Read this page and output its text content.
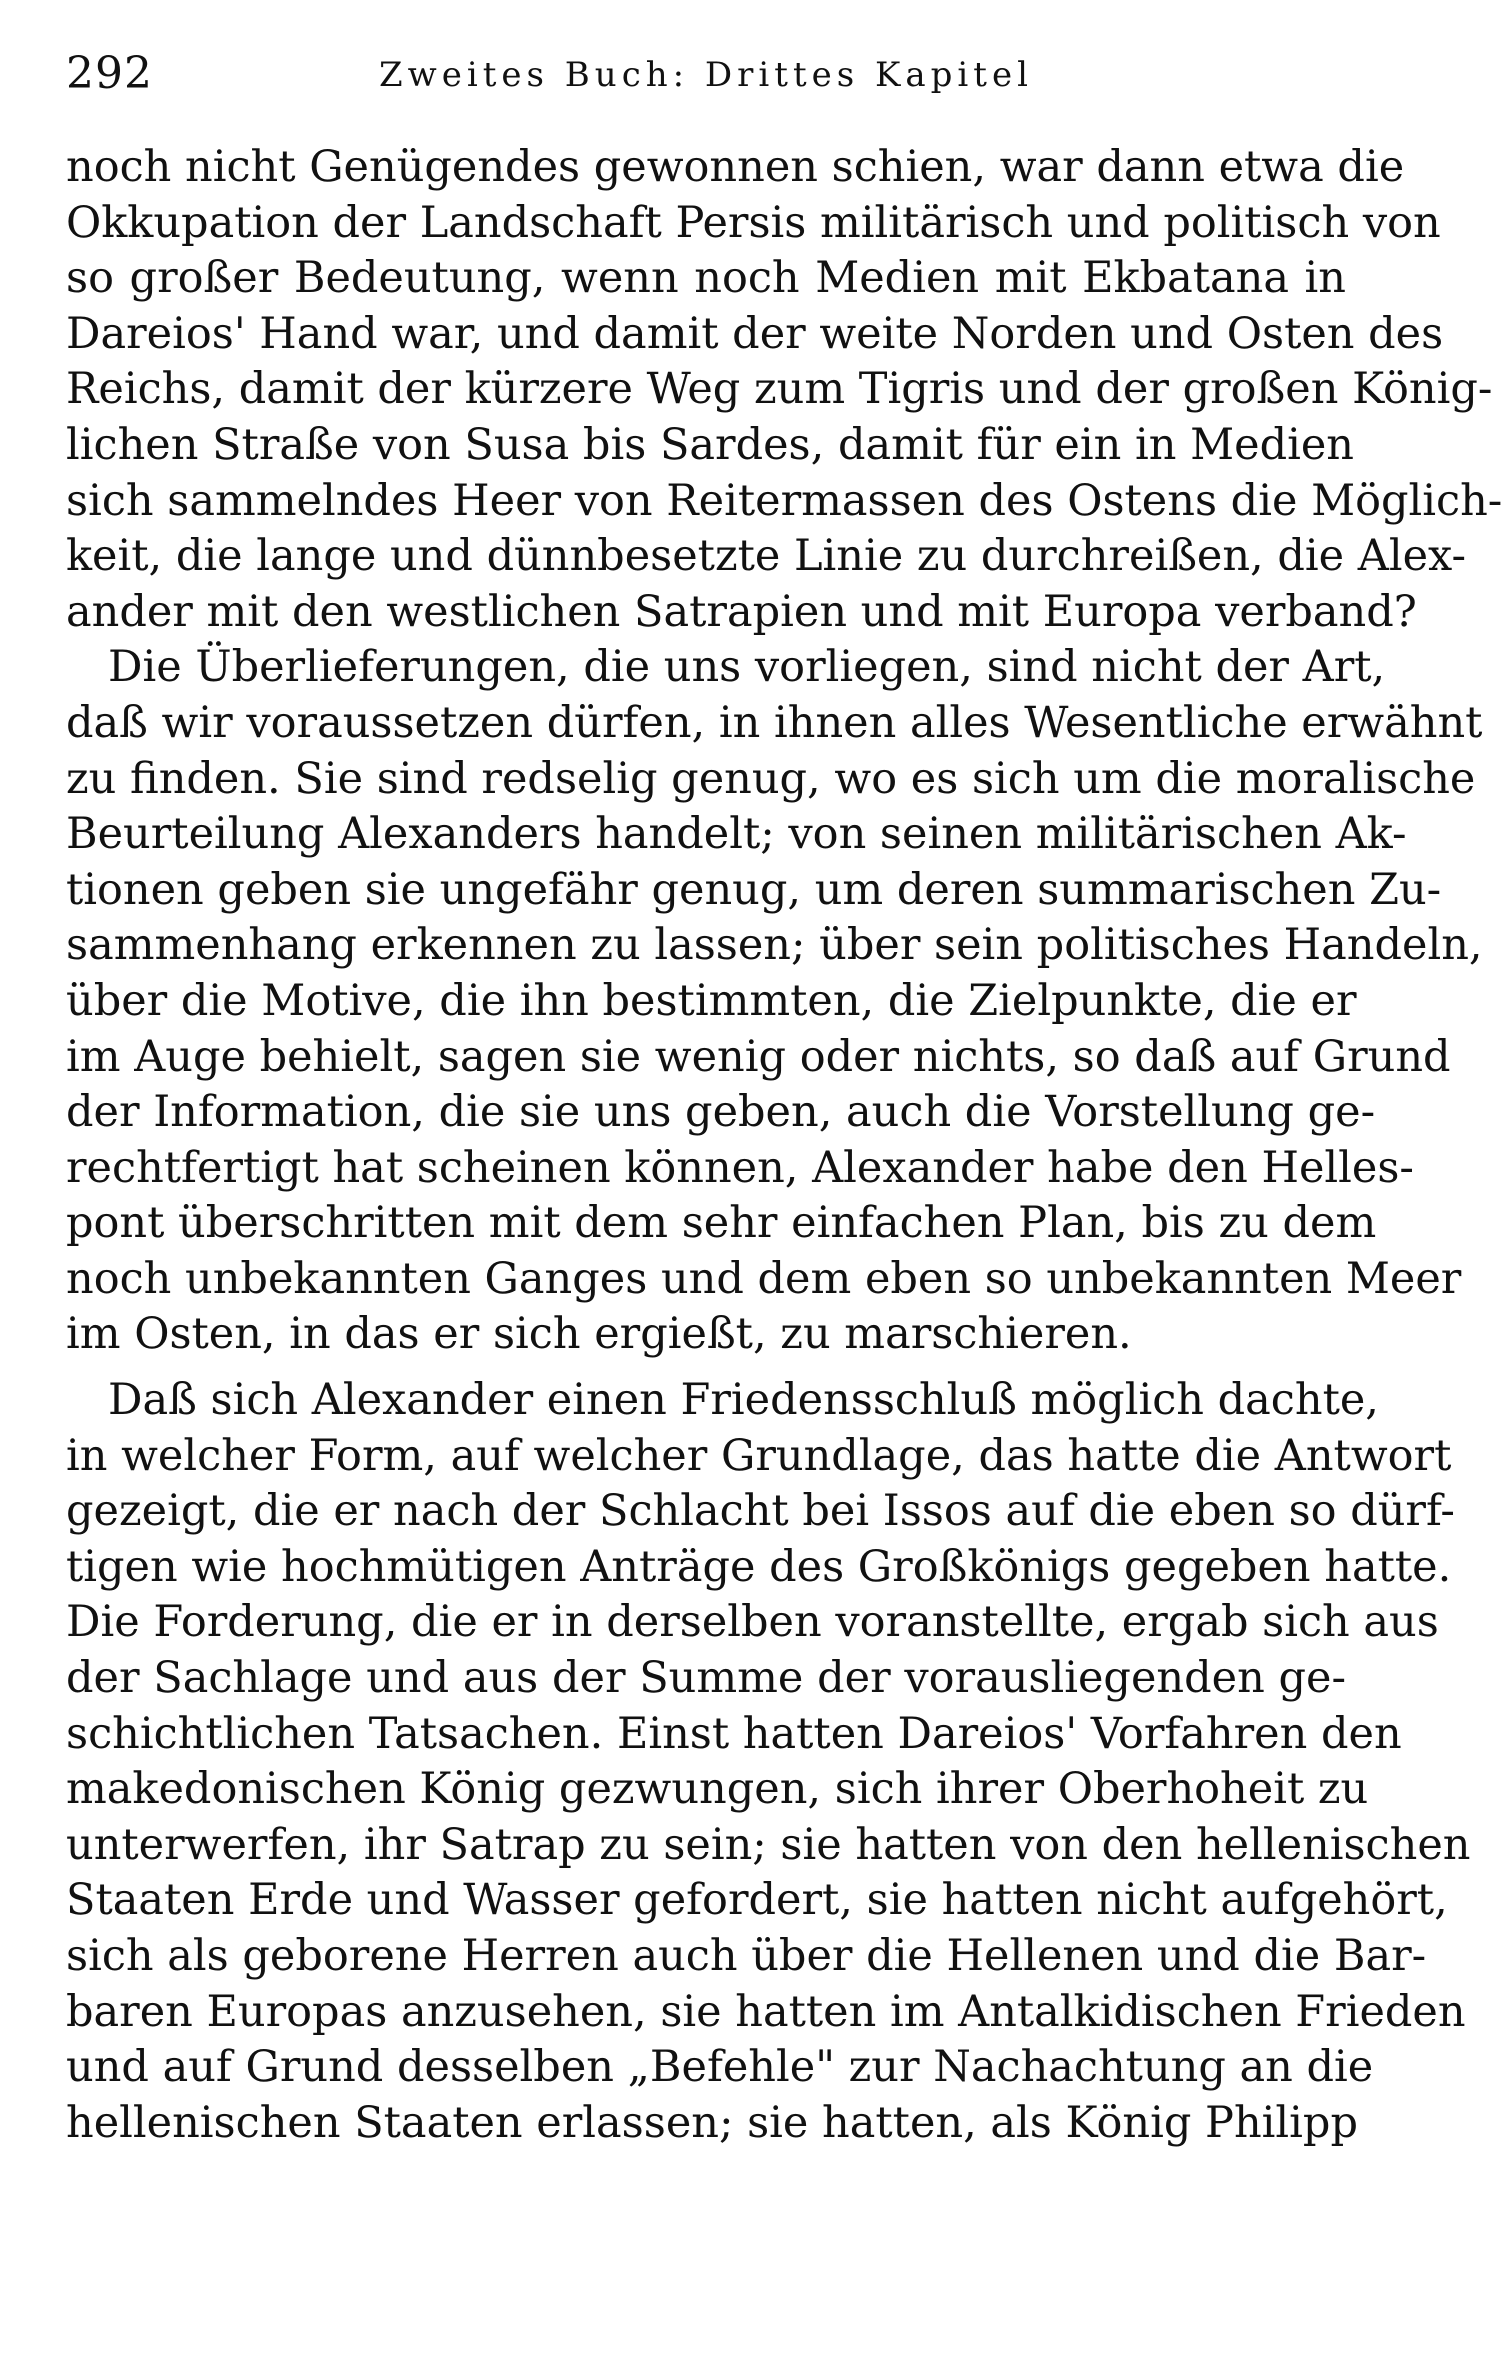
292	Zweites Buch: Drittes Kapitel
noch nicht Genügendes gewonnen schien, war dann etwa die
Okkupation der Landschaft Persis militärisch und politisch von
so großer Bedeutung, wenn noch Medien mit Ekbatana in
Dareios' Hand war, und damit der weite Norden und Osten des
Reichs, damit der kürzere Weg zum Tigris und der großen König-
lichen Straße von Susa bis Sardes, damit für ein in Medien
sich sammelndes Heer von Reitermassen des Ostens die Möglich-
keit, die lange und dünnbesetzte Linie zu durchreißen, die Alex-
ander mit den westlichen Satrapien und mit Europa verband?
Die Überlieferungen, die uns vorliegen, sind nicht der Art,
daß wir voraussetzen dürfen, in ihnen alles Wesentliche erwähnt
zu finden. Sie sind redselig genug, wo es sich um die moralische
Beurteilung Alexanders handelt; von seinen militärischen Ak-
tionen geben sie ungefähr genug, um deren summarischen Zu-
sammenhang erkennen zu lassen; über sein politisches Handeln,
über die Motive, die ihn bestimmten, die Zielpunkte, die er
im Auge behielt, sagen sie wenig oder nichts, so daß auf Grund
der Information, die sie uns geben, auch die Vorstellung ge-
rechtfertigt hat scheinen können, Alexander habe den Helles-
pont überschritten mit dem sehr einfachen Plan, bis zu dem
noch unbekannten Ganges und dem eben so unbekannten Meer
im Osten, in das er sich ergießt, zu marschieren.
Daß sich Alexander einen Friedensschluß möglich dachte,
in welcher Form, auf welcher Grundlage, das hatte die Antwort
gezeigt, die er nach der Schlacht bei Issos auf die eben so dürf-
tigen wie hochmütigen Anträge des Großkönigs gegeben hatte.
Die Forderung, die er in derselben voranstellte, ergab sich aus
der Sachlage und aus der Summe der vorausliegenden ge-
schichtlichen Tatsachen. Einst hatten Dareios' Vorfahren den
makedonischen König gezwungen, sich ihrer Oberhoheit zu
unterwerfen, ihr Satrap zu sein; sie hatten von den hellenischen
Staaten Erde und Wasser gefordert, sie hatten nicht aufgehört,
sich als geborene Herren auch über die Hellenen und die Bar-
baren Europas anzusehen, sie hatten im Antalkidischen Frieden
und auf Grund desselben „Befehle" zur Nachachtung an die
hellenischen Staaten erlassen; sie hatten, als König Philipp
